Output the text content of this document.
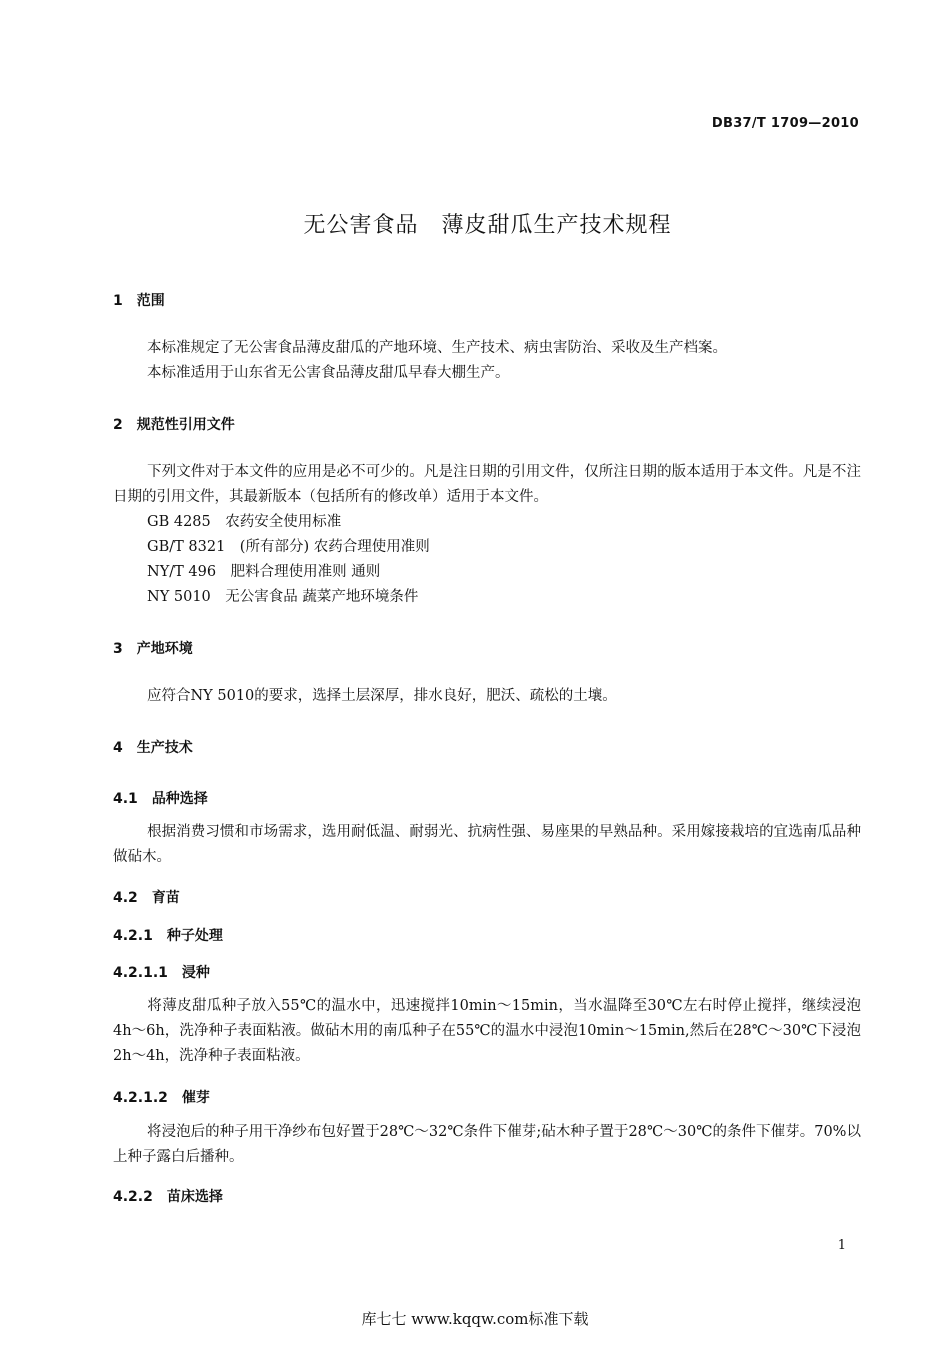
DB37/T 1709—2010
无公害食品　薄皮甜瓜生产技术规程
1 范围
本标准规定了无公害食品薄皮甜瓜的产地环境、生产技术、病虫害防治、采收及生产档案。
本标准适用于山东省无公害食品薄皮甜瓜早春大棚生产。
2 规范性引用文件
下列文件对于本文件的应用是必不可少的。凡是注日期的引用文件，仅所注日期的版本适用于本文件。凡是不注日期的引用文件，其最新版本（包括所有的修改单）适用于本文件。
GB 4285　农药安全使用标准
GB/T 8321　(所有部分) 农药合理使用准则
NY/T 496　肥料合理使用准则 通则
NY 5010　无公害食品 蔬菜产地环境条件
3 产地环境
应符合NY 5010的要求，选择土层深厚，排水良好，肥沃、疏松的土壤。
4 生产技术
4.1 品种选择
根据消费习惯和市场需求，选用耐低温、耐弱光、抗病性强、易座果的早熟品种。采用嫁接栽培的宜选南瓜品种做砧木。
4.2 育苗
4.2.1 种子处理
4.2.1.1 浸种
将薄皮甜瓜种子放入55℃的温水中，迅速搅拌10min～15min，当水温降至30℃左右时停止搅拌，继续浸泡4h～6h，洗净种子表面粘液。做砧木用的南瓜种子在55℃的温水中浸泡10min～15min,然后在28℃～30℃下浸泡2h～4h，洗净种子表面粘液。
4.2.1.2 催芽
将浸泡后的种子用干净纱布包好置于28℃～32℃条件下催芽;砧木种子置于28℃～30℃的条件下催芽。70%以上种子露白后播种。
4.2.2 苗床选择
1
库七七 www.kqqw.com标准下载
